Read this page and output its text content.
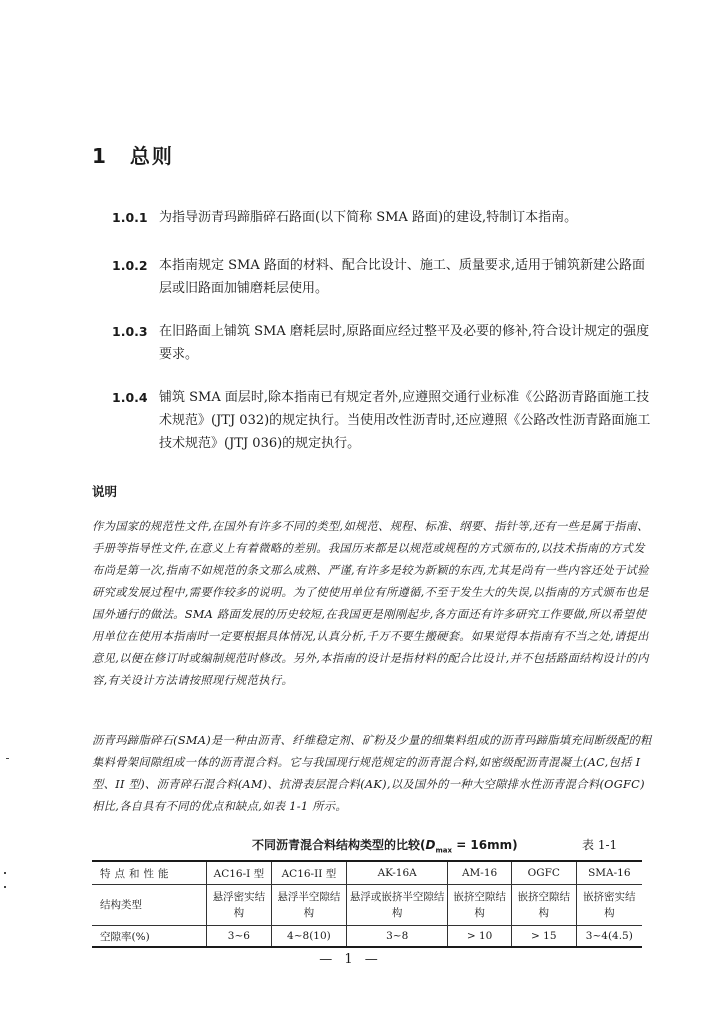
1 总则
1.0.1 为指导沥青玛蹄脂碎石路面(以下简称 SMA 路面)的建设,特制订本指南。
1.0.2 本指南规定 SMA 路面的材料、配合比设计、施工、质量要求,适用于铺筑新建公路面层或旧路面加铺磨耗层使用。
1.0.3 在旧路面上铺筑 SMA 磨耗层时,原路面应经过整平及必要的修补,符合设计规定的强度要求。
1.0.4 铺筑 SMA 面层时,除本指南已有规定者外,应遵照交通行业标准《公路沥青路面施工技术规范》(JTJ 032)的规定执行。当使用改性沥青时,还应遵照《公路改性沥青路面施工技术规范》(JTJ 036)的规定执行。
说明
作为国家的规范性文件,在国外有许多不同的类型,如规范、规程、标准、纲要、指针等,还有一些是属于指南、手册等指导性文件,在意义上有着微略的差别。我国历来都是以规范或规程的方式颁布的,以技术指南的方式发布尚是第一次,指南不如规范的条文那么成熟、严谨,有许多是较为新颖的东西,尤其是尚有一些内容还处于试验研究或发展过程中,需要作较多的说明。为了使使用单位有所遵循,不至于发生大的失误,以指南的方式颁布也是国外通行的做法。SMA 路面发展的历史较短,在我国更是刚刚起步,各方面还有许多研究工作要做,所以希望使用单位在使用本指南时一定要根据具体情况,认真分析,千万不要生搬硬套。如果觉得本指南有不当之处,请提出意见,以便在修订时或编制规范时修改。另外,本指南的设计是指材料的配合比设计,并不包括路面结构设计的内容,有关设计方法请按照现行规范执行。
沥青玛蹄脂碎石(SMA)是一种由沥青、纤维稳定剂、矿粉及少量的细集料组成的沥青玛蹄脂填充间断级配的粗集料骨架间隙组成一体的沥青混合料。它与我国现行规范规定的沥青混合料,如密级配沥青混凝土(AC,包括 I 型、II 型)、沥青碎石混合料(AM)、抗滑表层混合料(AK),以及国外的一种大空隙排水性沥青混合料(OGFC)相比,各自具有不同的优点和缺点,如表 1-1 所示。
不同沥青混合料结构类型的比较$(D_{max} = 16mm)$	表 1-1
特点和性能	AC16-I 型	AC16-II 型	AK-16A	AM-16	OGFC	SMA-16
结构类型	悬浮密实结构	悬浮半空隙结构	悬浮或嵌挤半空隙结构	嵌挤空隙结构	嵌挤空隙结构	嵌挤密实结构
空隙率(%)	3~6	4~8(10)	3~8	> 10	> 15	3~4(4.5)
— 1 —
